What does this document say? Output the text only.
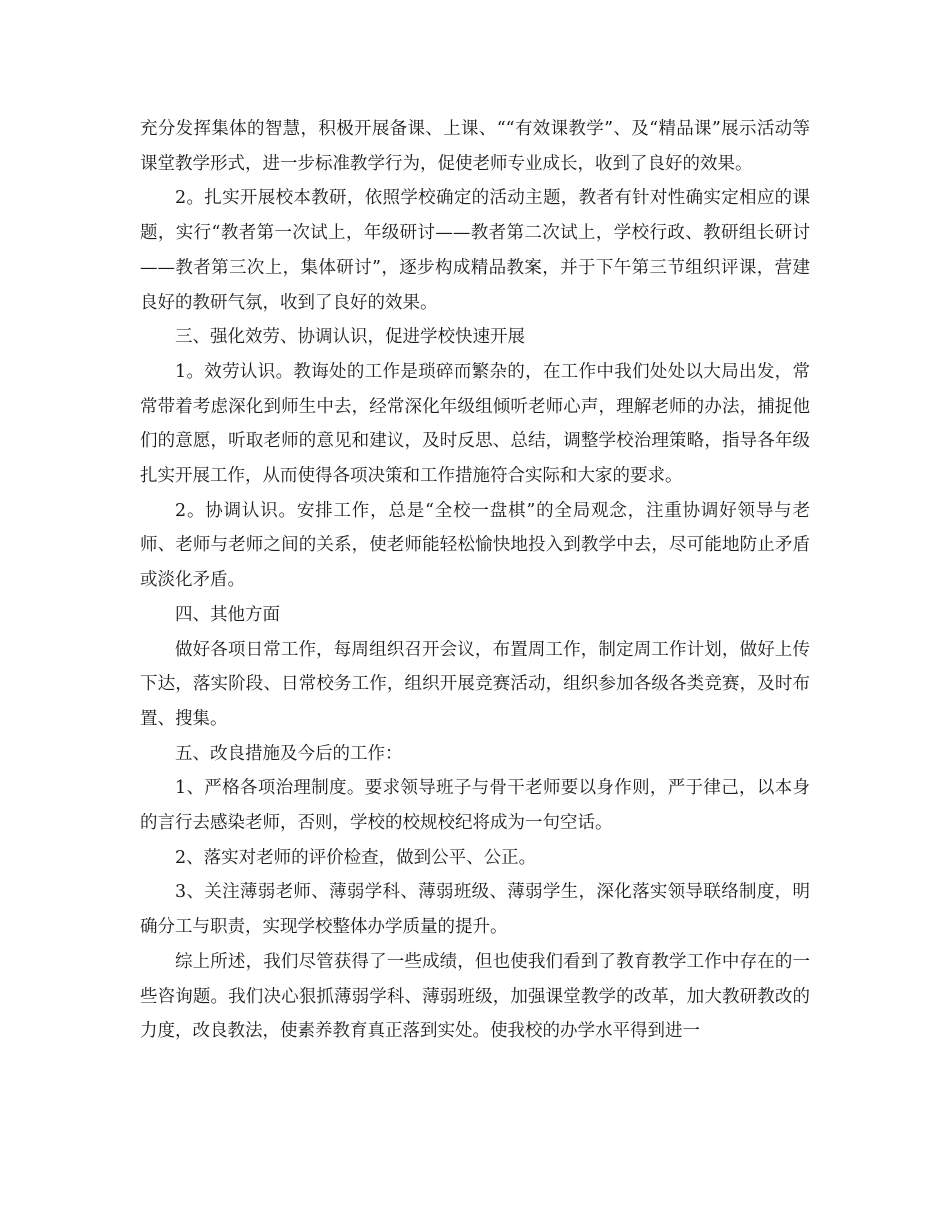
充分发挥集体的智慧，积极开展备课、上课、““有效课教学”、及“精品课”展示活动等课堂教学形式，进一步标准教学行为，促使老师专业成长，收到了良好的效果。

2。扎实开展校本教研，依照学校确定的活动主题，教者有针对性确实定相应的课题，实行“教者第一次试上，年级研讨——教者第二次试上，学校行政、教研组长研讨——教者第三次上，集体研讨”，逐步构成精品教案，并于下午第三节组织评课，营建良好的教研气氛，收到了良好的效果。

三、强化效劳、协调认识，促进学校快速开展

1。效劳认识。教诲处的工作是琐碎而繁杂的，在工作中我们处处以大局出发，常常带着考虑深化到师生中去，经常深化年级组倾听老师心声，理解老师的办法，捕捉他们的意愿，听取老师的意见和建议，及时反思、总结，调整学校治理策略，指导各年级扎实开展工作，从而使得各项决策和工作措施符合实际和大家的要求。

2。协调认识。安排工作，总是“全校一盘棋”的全局观念，注重协调好领导与老师、老师与老师之间的关系，使老师能轻松愉快地投入到教学中去，尽可能地防止矛盾或淡化矛盾。

四、其他方面

做好各项日常工作，每周组织召开会议，布置周工作，制定周工作计划，做好上传下达，落实阶段、日常校务工作，组织开展竞赛活动，组织参加各级各类竞赛，及时布置、搜集。

五、改良措施及今后的工作：

1、严格各项治理制度。要求领导班子与骨干老师要以身作则，严于律己，以本身的言行去感染老师，否则，学校的校规校纪将成为一句空话。

2、落实对老师的评价检查，做到公平、公正。

3、关注薄弱老师、薄弱学科、薄弱班级、薄弱学生，深化落实领导联络制度，明确分工与职责，实现学校整体办学质量的提升。

综上所述，我们尽管获得了一些成绩，但也使我们看到了教育教学工作中存在的一些咨询题。我们决心狠抓薄弱学科、薄弱班级，加强课堂教学的改革，加大教研教改的力度，改良教法，使素养教育真正落到实处。使我校的办学水平得到进一
